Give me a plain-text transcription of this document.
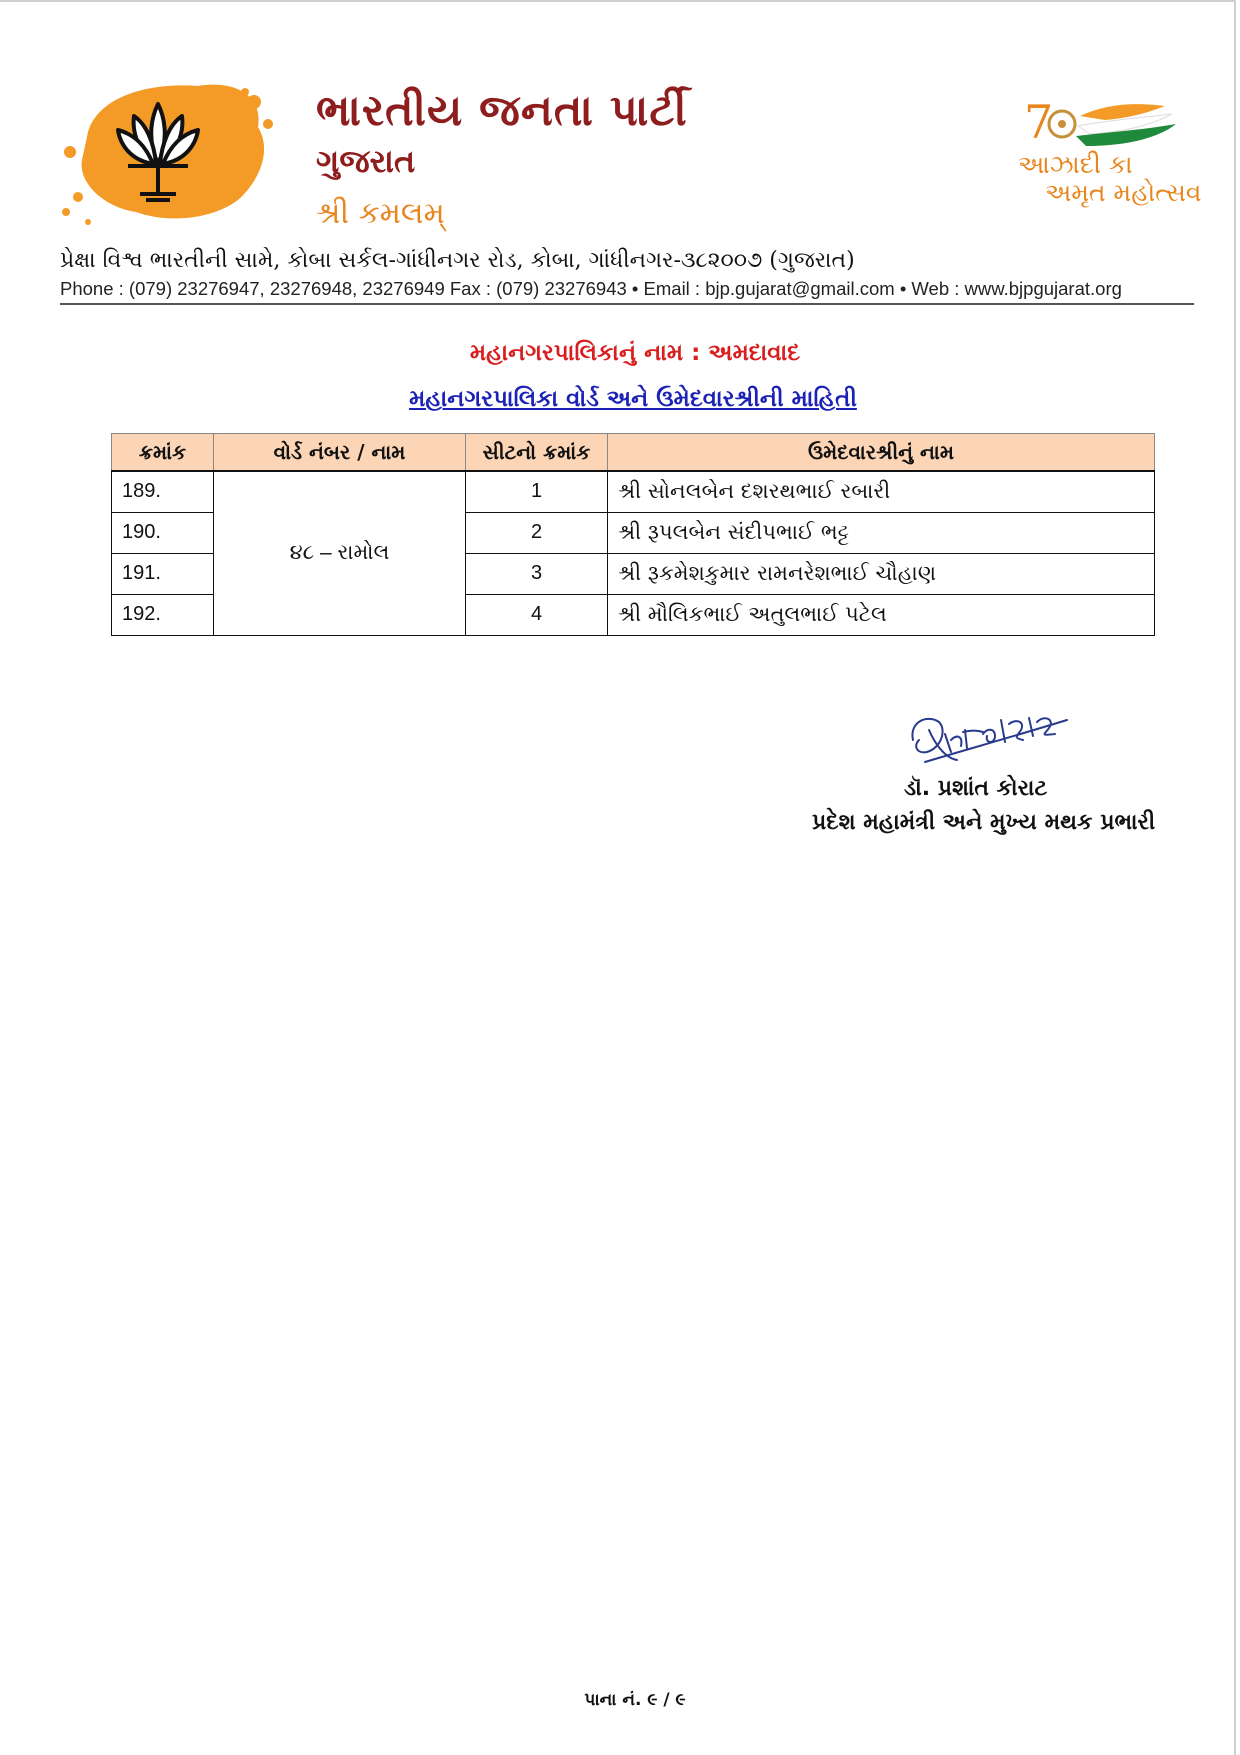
ભારતીય જનતા પાર્ટી
ગુજરાત
શ્રી કમલમ્
7
આઝાદી કા
અમૃત મહોત્સવ
પ્રેક્ષા વિશ્વ ભારતીની સામે, કોબા સર્કલ-ગાંધીનગર રોડ, કોબા, ગાંધીનગર-૩૮૨૦૦૭ (ગુજરાત)
Phone : (079) 23276947, 23276948, 23276949 Fax : (079) 23276943 • Email : bjp.gujarat@gmail.com • Web : www.bjpgujarat.org
મહાનગરપાલિકાનું નામ : અમદાવાદ
મહાનગરપાલિકા વોર્ડ અને ઉમેદવારશ્રીની માહિતી
ક્રમાંક	વોર્ડ નંબર / નામ	સીટનો ક્રમાંક	ઉમેદવારશ્રીનું નામ
189.	૪૮ – રામોલ	1	શ્રી સોનલબેન દશરથભાઈ રબારી
190.		2	શ્રી રૂપલબેન સંદીપભાઈ ભટ્ટ
191.		3	શ્રી રૂકમેશકુમાર રામનરેશભાઈ ચૌહાણ
192.		4	શ્રી મૌલિકભાઈ અતુલભાઈ પટેલ
ડૉ. પ્રશાંત કોરાટ
પ્રદેશ મહામંત્રી અને મુખ્ય મથક પ્રભારી
પાના નં. ૯ / ૯
